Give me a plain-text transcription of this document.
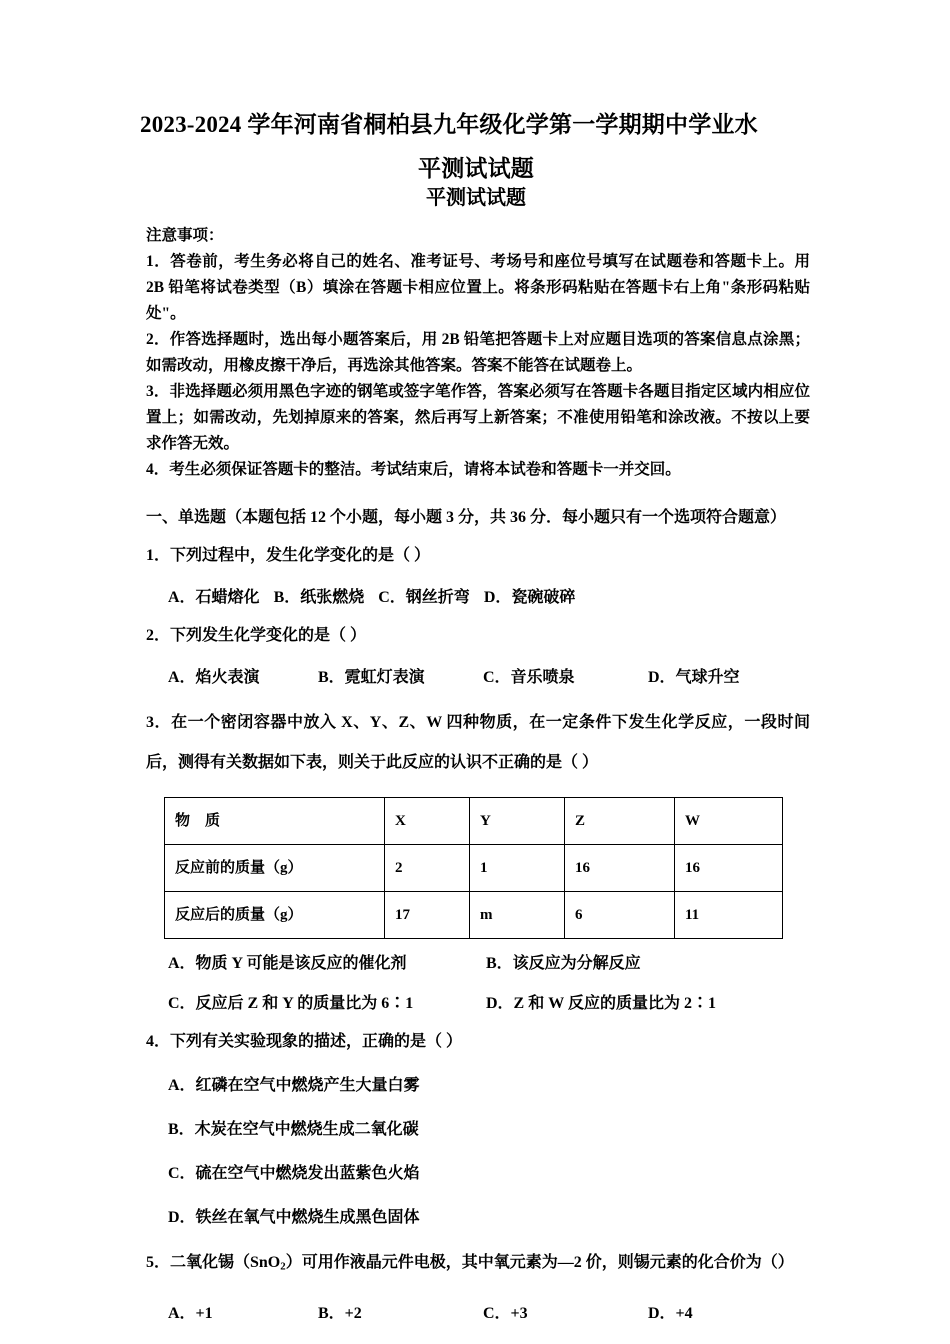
2023-2024 学年河南省桐柏县九年级化学第一学期期中学业水
平测试试题
平测试试题

注意事项：

1．答卷前，考生务必将自己的姓名、准考证号、考场号和座位号填写在试题卷和答题卡上。用 2B 铅笔将试卷类型（B）填涂在答题卡相应位置上。将条形码粘贴在答题卡右上角"条形码粘贴处"。

2．作答选择题时，选出每小题答案后，用 2B 铅笔把答题卡上对应题目选项的答案信息点涂黑；如需改动，用橡皮擦干净后，再选涂其他答案。答案不能答在试题卷上。

3．非选择题必须用黑色字迹的钢笔或签字笔作答，答案必须写在答题卡各题目指定区域内相应位置上；如需改动，先划掉原来的答案，然后再写上新答案；不准使用铅笔和涂改液。不按以上要求作答无效。

4．考生必须保证答题卡的整洁。考试结束后，请将本试卷和答题卡一并交回。

一、单选题（本题包括 12 个小题，每小题 3 分，共 36 分．每小题只有一个选项符合题意）

1．下列过程中，发生化学变化的是（ ）

A．石蜡熔化 B．纸张燃烧 C．钢丝折弯 D．瓷碗破碎

2．下列发生化学变化的是（ ）

A．焰火表演	B．霓虹灯表演	C．音乐喷泉	D．气球升空

3．在一个密闭容器中放入 X、Y、Z、W 四种物质，在一定条件下发生化学反应，一段时间后，测得有关数据如下表，则关于此反应的认识不正确的是（ ）

物　质	X	Y	Z	W
反应前的质量（g）	2	1	16	16
反应后的质量（g）	17	m	6	11
A．物质 Y 可能是该反应的催化剂	B．该反应为分解反应
C．反应后 Z 和 Y 的质量比为 6∶1	D．Z 和 W 反应的质量比为 2∶1

4．下列有关实验现象的描述，正确的是（ ）

A．红磷在空气中燃烧产生大量白雾

B．木炭在空气中燃烧生成二氧化碳

C．硫在空气中燃烧发出蓝紫色火焰

D．铁丝在氧气中燃烧生成黑色固体

5．二氧化锡（SnO$_2$）可用作液晶元件电极，其中氧元素为—2 价，则锡元素的化合价为（）

A．+1	B．+2	C．+3	D．+4
